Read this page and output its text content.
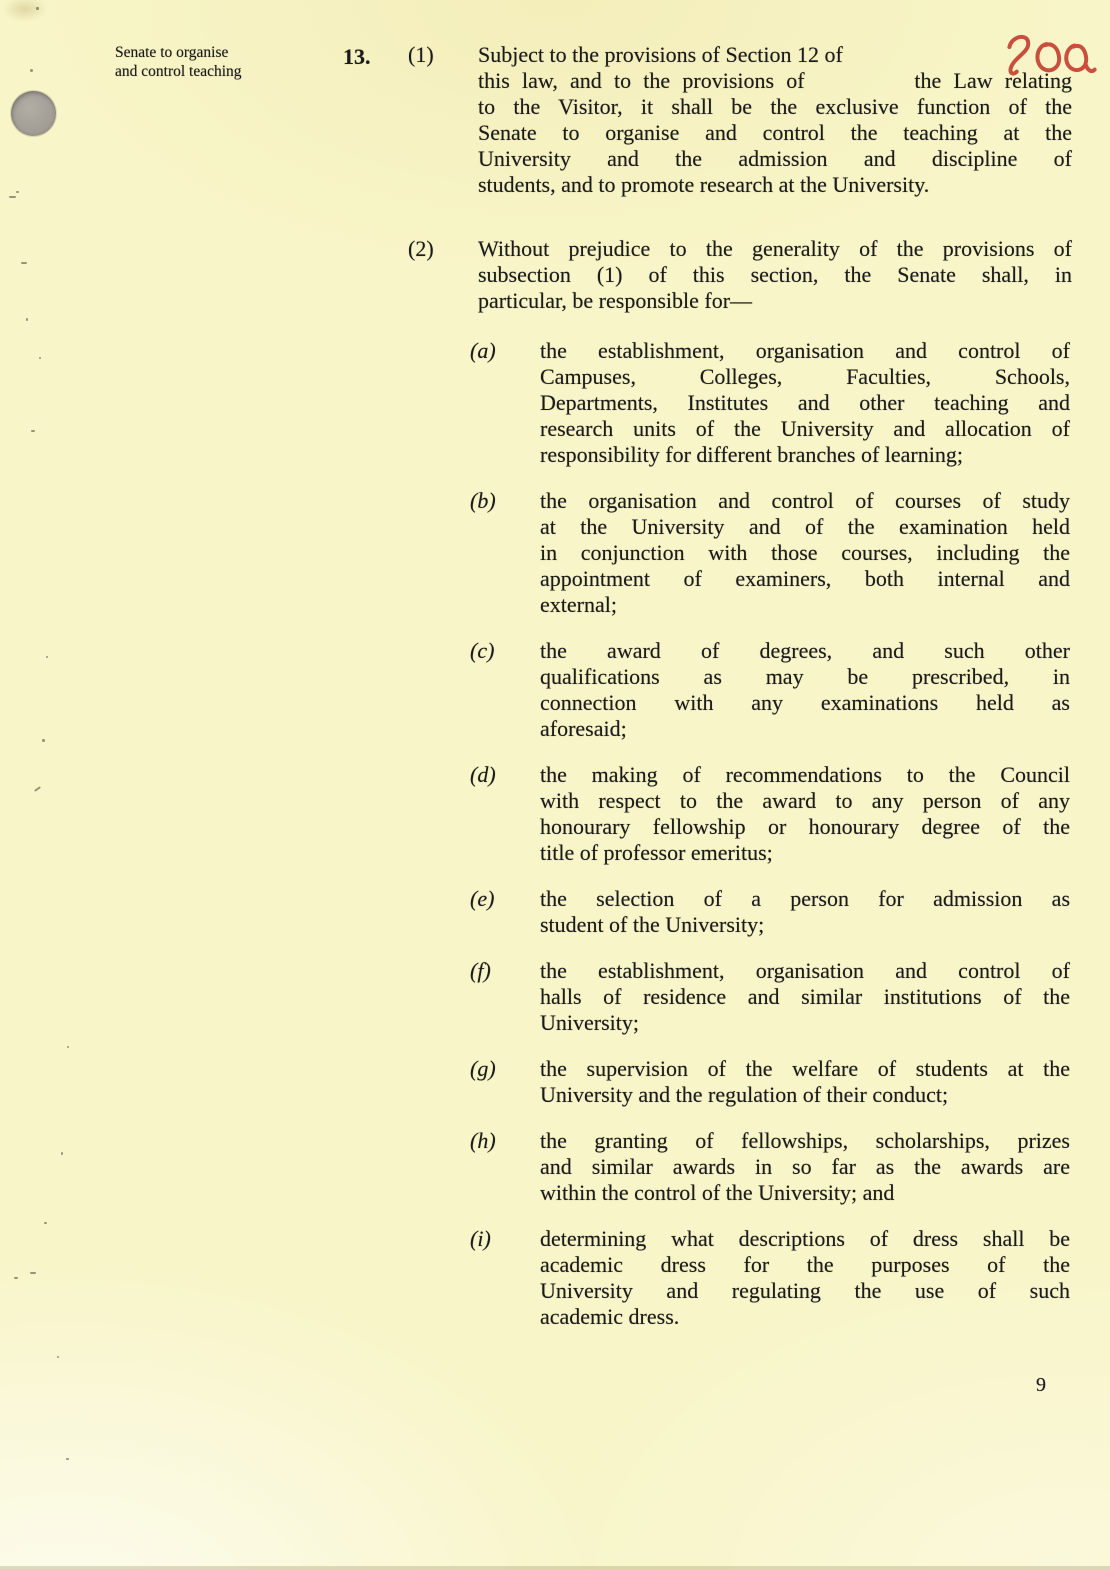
Senate to organise
and control teaching
13. (1)	Subject to the provisions of Section 12 of
this law, and to the provisions of         the Law relating
to the Visitor, it shall be the exclusive function of the
Senate to organise and control the teaching at the
University and the admission and discipline of
students, and to promote research at the University.
(2)	Without prejudice to the generality of the provisions of
subsection (1) of this section, the Senate shall, in
particular, be responsible for—
(a)	the establishment, organisation and control of
Campuses, Colleges, Faculties, Schools,
Departments, Institutes and other teaching and
research units of the University and allocation of
responsibility for different branches of learning;
(b)	the organisation and control of courses of study
at the University and of the examination held
in conjunction with those courses, including the
appointment of examiners, both internal and
external;
(c)	the award of degrees, and such other
qualifications as may be prescribed, in
connection with any examinations held as
aforesaid;
(d)	the making of recommendations to the Council
with respect to the award to any person of any
honourary fellowship or honourary degree of the
title of professor emeritus;
(e)	the selection of a person for admission as
student of the University;
(f)	the establishment, organisation and control of
halls of residence and similar institutions of the
University;
(g)	the supervision of the welfare of students at the
University and the regulation of their conduct;
(h)	the granting of fellowships, scholarships, prizes
and similar awards in so far as the awards are
within the control of the University; and
(i)	determining what descriptions of dress shall be
academic dress for the purposes of the
University and regulating the use of such
academic dress.
9
